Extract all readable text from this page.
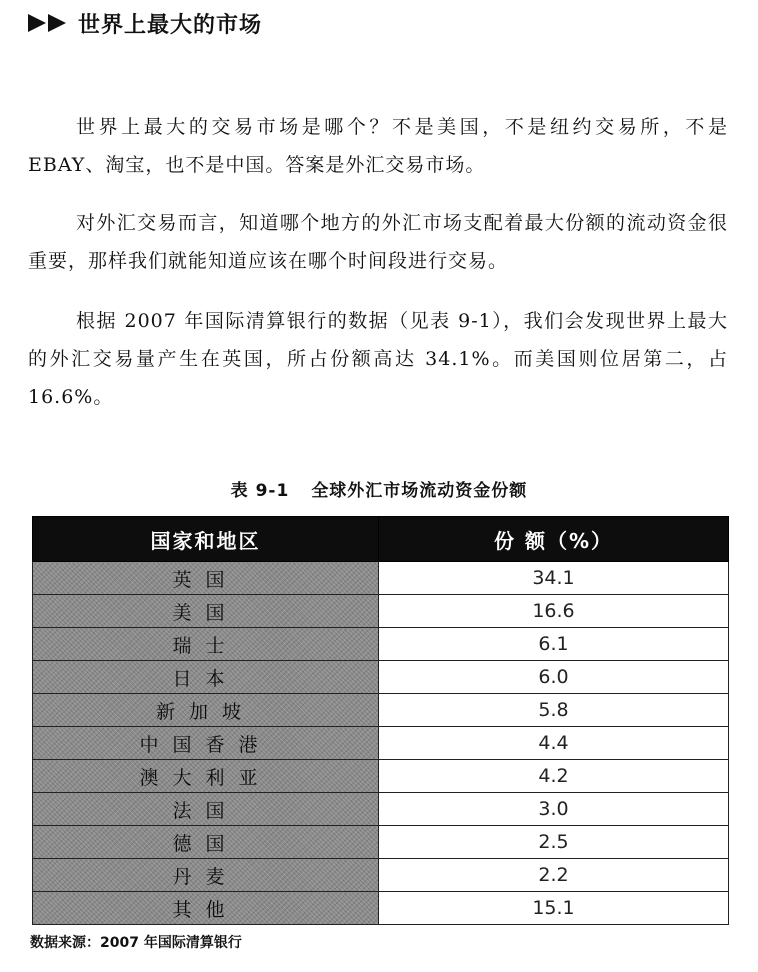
世界上最大的市场

世界上最大的交易市场是哪个？不是美国，不是纽约交易所，不是 EBAY、淘宝，也不是中国。答案是外汇交易市场。

对外汇交易而言，知道哪个地方的外汇市场支配着最大份额的流动资金很重要，那样我们就能知道应该在哪个时间段进行交易。

根据 2007 年国际清算银行的数据（见表 9-1），我们会发现世界上最大的外汇交易量产生在英国，所占份额高达 34.1%。而美国则位居第二，占 16.6%。

表 9-1 全球外汇市场流动资金份额
国家和地区	份 额（%）
英国	34.1
美国	16.6
瑞士	6.1
日本	6.0
新加坡	5.8
中国香港	4.4
澳大利亚	4.2
法国	3.0
德国	2.5
丹麦	2.2
其他	15.1
数据来源：2007 年国际清算银行
